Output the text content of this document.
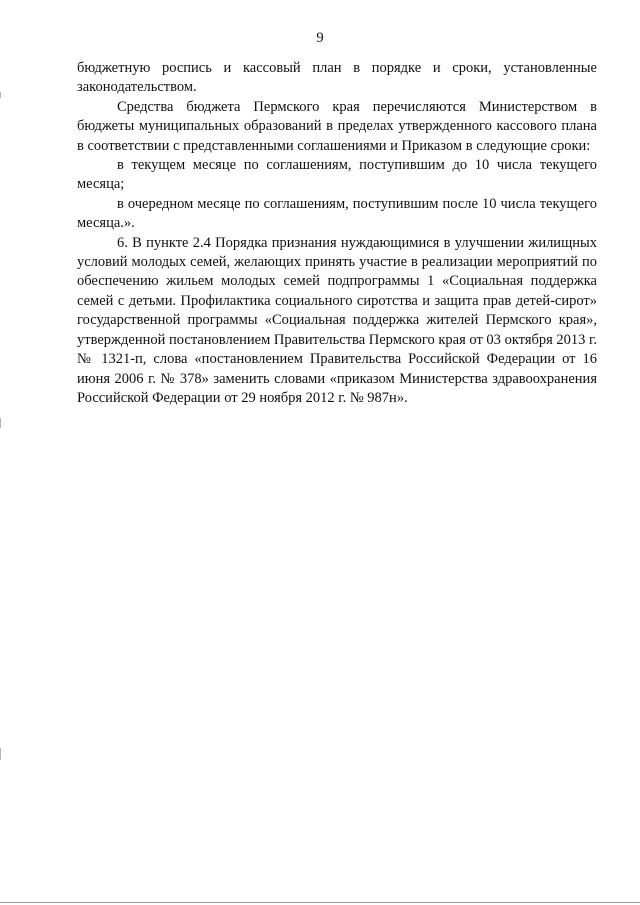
9

бюджетную роспись и кассовый план в порядке и сроки, установленные законодательством.

Средства бюджета Пермского края перечисляются Министерством в бюджеты муниципальных образований в пределах утвержденного кассового плана в соответствии с представленными соглашениями и Приказом в следующие сроки:

в текущем месяце по соглашениям, поступившим до 10 числа текущего месяца;

в очередном месяце по соглашениям, поступившим после 10 числа текущего месяца.».

6. В пункте 2.4 Порядка признания нуждающимися в улучшении жилищных условий молодых семей, желающих принять участие в реализации мероприятий по обеспечению жильем молодых семей подпрограммы 1 «Социальная поддержка семей с детьми. Профилактика социального сиротства и защита прав детей-сирот» государственной программы «Социальная поддержка жителей Пермского края», утвержденной постановлением Правительства Пермского края от 03 октября 2013 г. № 1321-п, слова «постановлением Правительства Российской Федерации от 16 июня 2006 г. № 378» заменить словами «приказом Министерства здравоохранения Российской Федерации от 29 ноября 2012 г. № 987н».
